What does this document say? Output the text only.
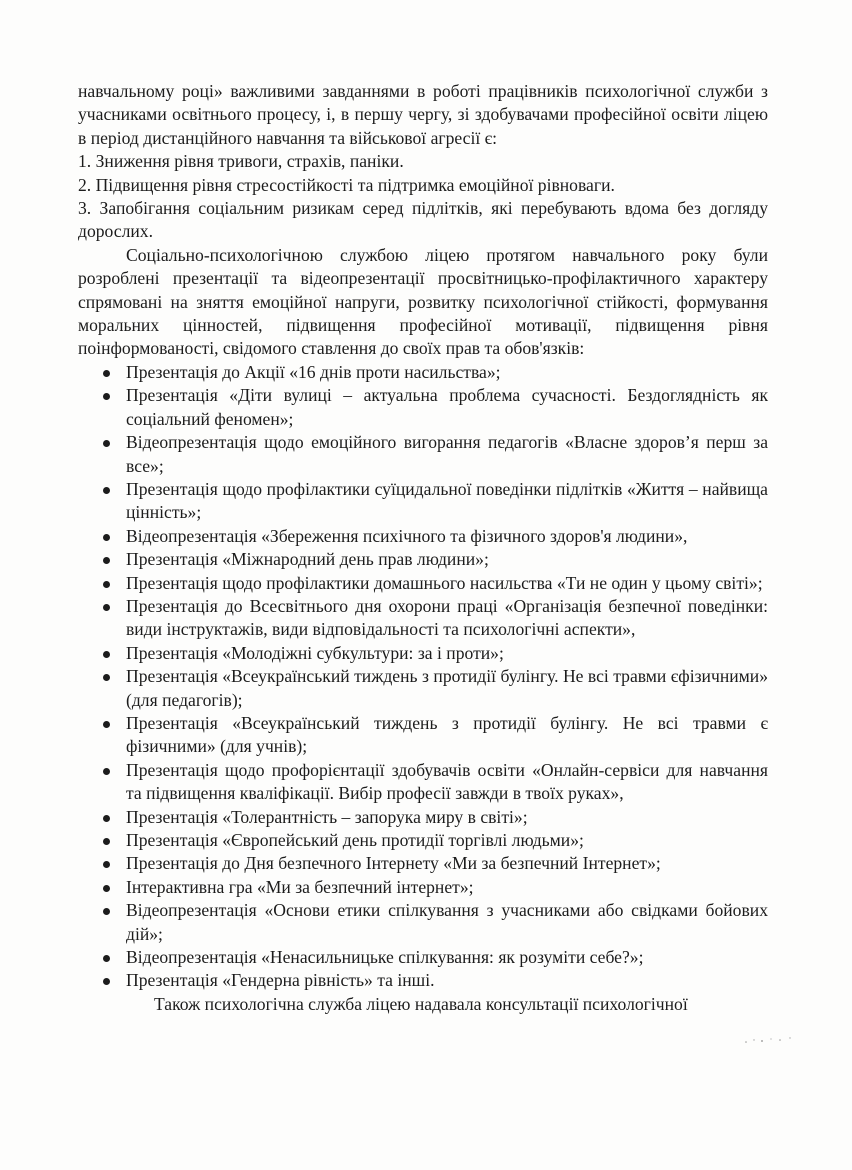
навчальному році» важливими завданнями в роботі працівників психологічної служби з учасниками освітнього процесу, і, в першу чергу, зі здобувачами професійної освіти ліцею в період дистанційного навчання та військової агресії є:

1. Зниження рівня тривоги, страхів, паніки.

2. Підвищення рівня стресостійкості та підтримка емоційної рівноваги.

3. Запобігання соціальним ризикам серед підлітків, які перебувають вдома без догляду дорослих.

Соціально-психологічною службою ліцею протягом навчального року були розроблені презентації та відеопрезентації просвітницько-профілактичного характеру спрямовані на зняття емоційної напруги, розвитку психологічної стійкості, формування моральних цінностей, підвищення професійної мотивації, підвищення рівня поінформованості, свідомого ставлення до своїх прав та обов'язків:

Презентація до Акції «16 днів проти насильства»;
Презентація «Діти вулиці – актуальна проблема сучасності. Бездоглядність як соціальний феномен»;
Відеопрезентація щодо емоційного вигорання педагогів «Власне здоров’я перш за все»;
Презентація щодо профілактики суїцидальної поведінки підлітків «Життя – найвища цінність»;
Відеопрезентація «Збереження психічного та фізичного здоров'я людини»,
Презентація «Міжнародний день прав людини»;
Презентація щодо профілактики домашнього насильства «Ти не один у цьому світі»;
Презентація до Всесвітнього дня охорони праці «Організація безпечної поведінки: види інструктажів, види відповідальності та психологічні аспекти»,
Презентація «Молодіжні субкультури: за і проти»;
Презентація «Всеукраїнський тиждень з протидії булінгу. Не всі травми єфізичними» (для педагогів);
Презентація «Всеукраїнський тиждень з протидії булінгу. Не всі травми є фізичними» (для учнів);
Презентація щодо профорієнтації здобувачів освіти «Онлайн-сервіси для навчання та підвищення кваліфікації. Вибір професії завжди в твоїх руках»,
Презентація «Толерантність – запорука миру в світі»;
Презентація «Європейський день протидії торгівлі людьми»;
Презентація до Дня безпечного Інтернету «Ми за безпечний Інтернет»;
Інтерактивна гра «Ми за безпечний інтернет»;
Відеопрезентація «Основи етики спілкування з учасниками або свідками бойових дій»;
Відеопрезентація «Ненасильницьке спілкування: як розуміти себе?»;
Презентація «Гендерна рівність» та інші.

Також психологічна служба ліцею надавала консультації психологічної
